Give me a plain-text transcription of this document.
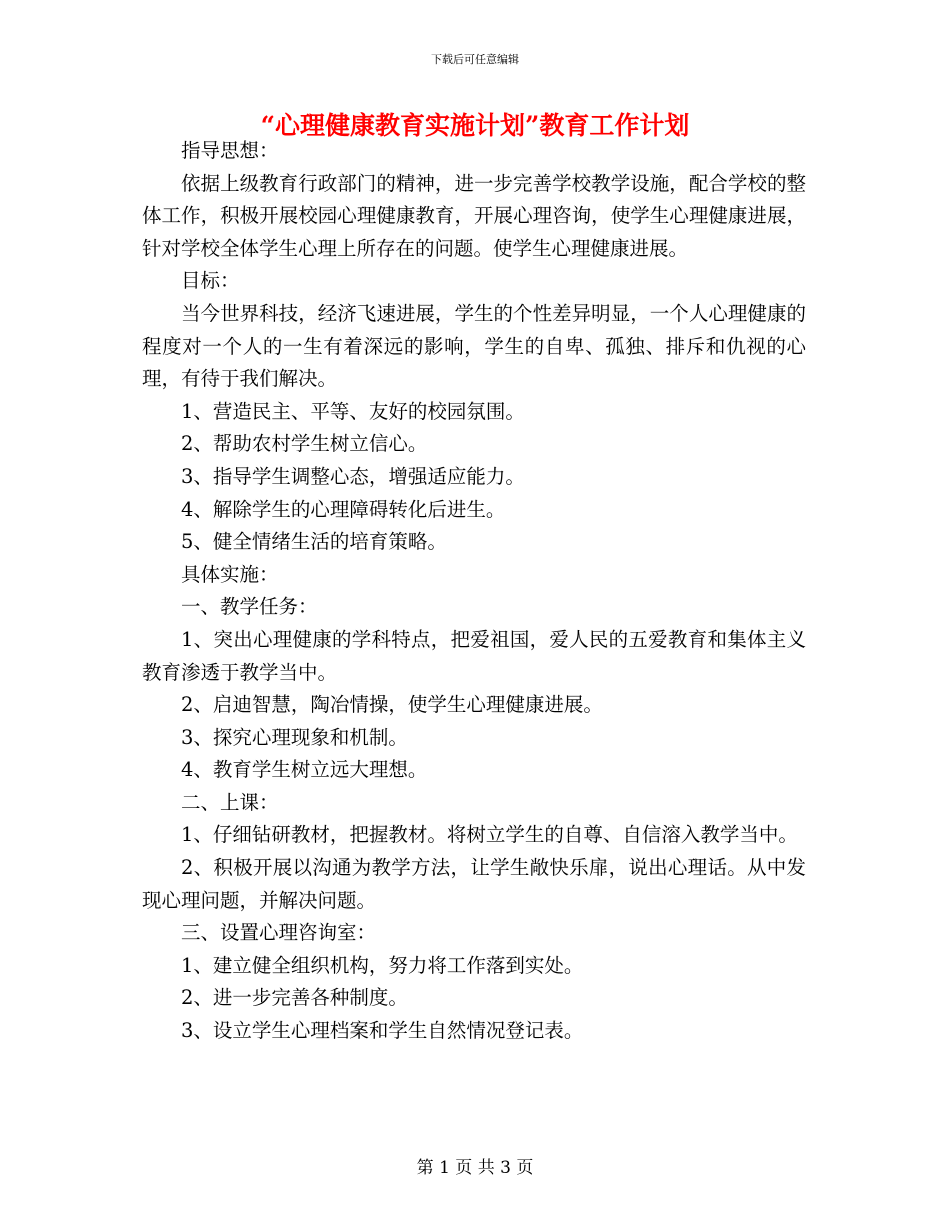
下载后可任意编辑
“心理健康教育实施计划”教育工作计划

指导思想：

依据上级教育行政部门的精神，进一步完善学校教学设施，配合学校的整体工作，积极开展校园心理健康教育，开展心理咨询，使学生心理健康进展，针对学校全体学生心理上所存在的问题。使学生心理健康进展。

目标：

当今世界科技，经济飞速进展，学生的个性差异明显，一个人心理健康的程度对一个人的一生有着深远的影响，学生的自卑、孤独、排斥和仇视的心理，有待于我们解决。

1、营造民主、平等、友好的校园氛围。

2、帮助农村学生树立信心。

3、指导学生调整心态，增强适应能力。

4、解除学生的心理障碍转化后进生。

5、健全情绪生活的培育策略。

具体实施：

一、教学任务：

1、突出心理健康的学科特点，把爱祖国，爱人民的五爱教育和集体主义教育渗透于教学当中。

2、启迪智慧，陶冶情操，使学生心理健康进展。

3、探究心理现象和机制。

4、教育学生树立远大理想。

二、上课：

1、仔细钻研教材，把握教材。将树立学生的自尊、自信溶入教学当中。

2、积极开展以沟通为教学方法，让学生敞快乐扉，说出心理话。从中发现心理问题，并解决问题。

三、设置心理咨询室：

1、建立健全组织机构，努力将工作落到实处。

2、进一步完善各种制度。

3、设立学生心理档案和学生自然情况登记表。

第 1 页 共 3 页
